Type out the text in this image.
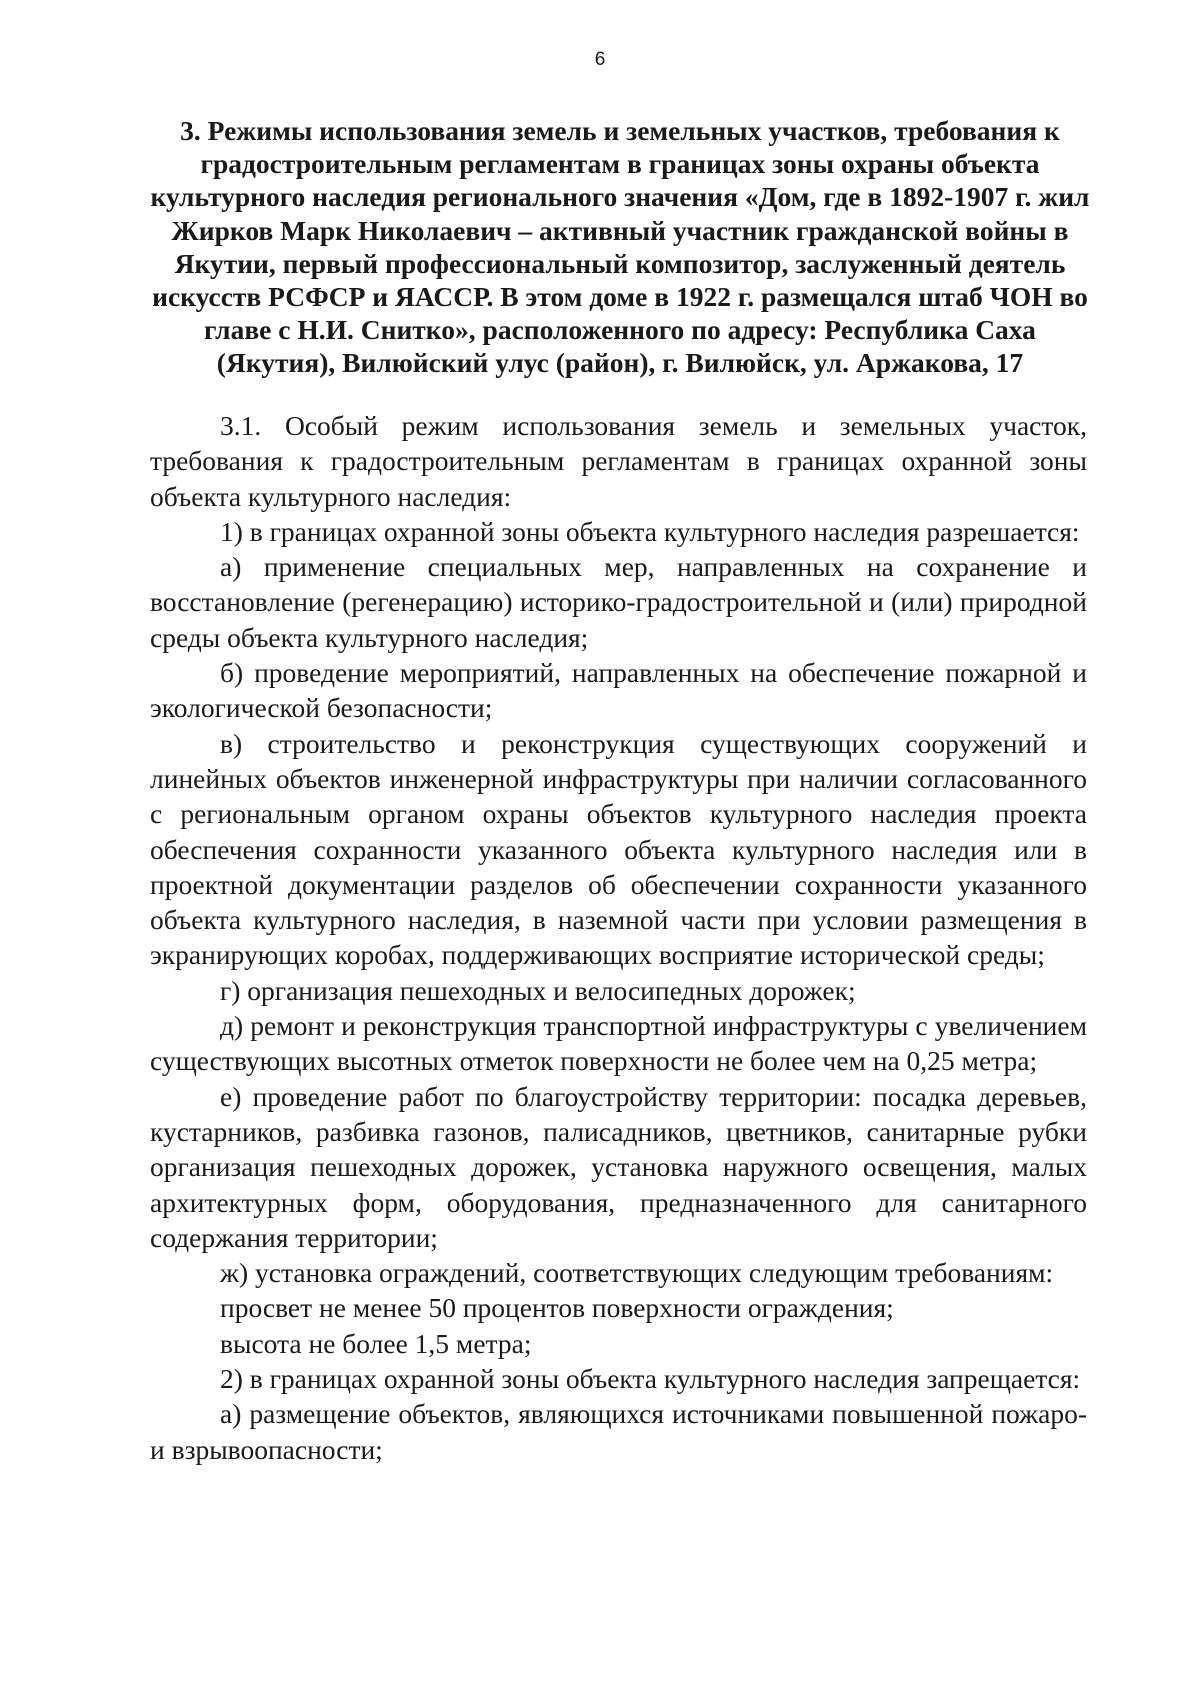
6
3. Режимы использования земель и земельных участков, требования к градостроительным регламентам в границах зоны охраны объекта культурного наследия регионального значения «Дом, где в 1892-1907 г. жил Жирков Марк Николаевич – активный участник гражданской войны в Якутии, первый профессиональный композитор, заслуженный деятель искусств РСФСР и ЯАССР. В этом доме в 1922 г. размещался штаб ЧОН во главе с Н.И. Снитко», расположенного по адресу: Республика Саха (Якутия), Вилюйский улус (район), г. Вилюйск, ул. Аржакова, 17

3.1. Особый режим использования земель и земельных участок, требования к градостроительным регламентам в границах охранной зоны объекта культурного наследия:

1) в границах охранной зоны объекта культурного наследия разрешается:

а) применение специальных мер, направленных на сохранение и восстановление (регенерацию) историко-градостроительной и (или) природной среды объекта культурного наследия;

б) проведение мероприятий, направленных на обеспечение пожарной и экологической безопасности;

в) строительство и реконструкция существующих сооружений и линейных объектов инженерной инфраструктуры при наличии согласованного с региональным органом охраны объектов культурного наследия проекта обеспечения сохранности указанного объекта культурного наследия или в проектной документации разделов об обеспечении сохранности указанного объекта культурного наследия, в наземной части при условии размещения в экранирующих коробах, поддерживающих восприятие исторической среды;

г) организация пешеходных и велосипедных дорожек;

д) ремонт и реконструкция транспортной инфраструктуры с увеличением существующих высотных отметок поверхности не более чем на 0,25 метра;

е) проведение работ по благоустройству территории: посадка деревьев, кустарников, разбивка газонов, палисадников, цветников, санитарные рубки организация пешеходных дорожек, установка наружного освещения, малых архитектурных форм, оборудования, предназначенного для санитарного содержания территории;

ж) установка ограждений, соответствующих следующим требованиям:

просвет не менее 50 процентов поверхности ограждения;

высота не более 1,5 метра;

2) в границах охранной зоны объекта культурного наследия запрещается:

а) размещение объектов, являющихся источниками повышенной пожаро-и взрывоопасности;
